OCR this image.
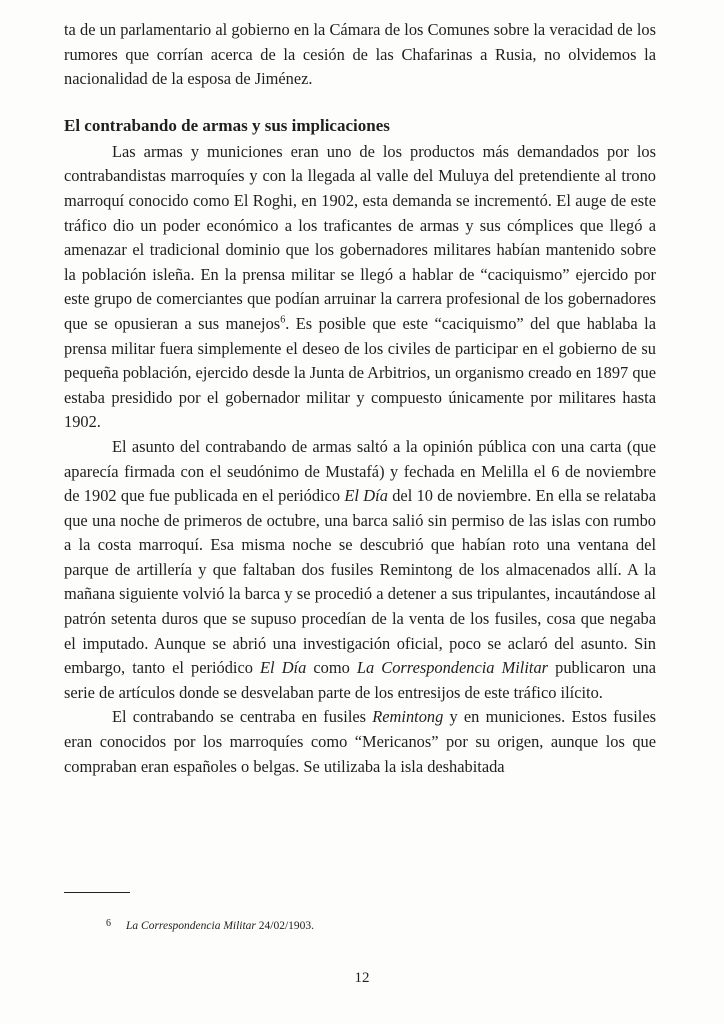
ta de un parlamentario al gobierno en la Cámara de los Comunes sobre la veracidad de los rumores que corrían acerca de la cesión de las Chafarinas a Rusia, no olvidemos la nacionalidad de la esposa de Jiménez.

El contrabando de armas y sus implicaciones

Las armas y municiones eran uno de los productos más demandados por los contrabandistas marroquíes y con la llegada al valle del Muluya del pretendiente al trono marroquí conocido como El Roghi, en 1902, esta demanda se incrementó. El auge de este tráfico dio un poder económico a los traficantes de armas y sus cómplices que llegó a amenazar el tradicional dominio que los gobernadores militares habían mantenido sobre la población isleña. En la prensa militar se llegó a hablar de “caciquismo” ejercido por este grupo de comerciantes que podían arruinar la carrera profesional de los gobernadores que se opusieran a sus manejos$^6$. Es posible que este “caciquismo” del que hablaba la prensa militar fuera simplemente el deseo de los civiles de participar en el gobierno de su pequeña población, ejercido desde la Junta de Arbitrios, un organismo creado en 1897 que estaba presidido por el gobernador militar y compuesto únicamente por militares hasta 1902.

El asunto del contrabando de armas saltó a la opinión pública con una carta (que aparecía firmada con el seudónimo de Mustafá) y fechada en Melilla el 6 de noviembre de 1902 que fue publicada en el periódico El Día del 10 de noviembre. En ella se relataba que una noche de primeros de octubre, una barca salió sin permiso de las islas con rumbo a la costa marroquí. Esa misma noche se descubrió que habían roto una ventana del parque de artillería y que faltaban dos fusiles Remintong de los almacenados allí. A la mañana siguiente volvió la barca y se procedió a detener a sus tripulantes, incautándose al patrón setenta duros que se supuso procedían de la venta de los fusiles, cosa que negaba el imputado. Aunque se abrió una investigación oficial, poco se aclaró del asunto. Sin embargo, tanto el periódico El Día como La Correspondencia Militar publicaron una serie de artículos donde se desvelaban parte de los entresijos de este tráfico ilícito.

El contrabando se centraba en fusiles Remintong y en municiones. Estos fusiles eran conocidos por los marroquíes como “Mericanos” por su origen, aunque los que compraban eran españoles o belgas. Se utilizaba la isla deshabitada

6 La Correspondencia Militar 24/02/1903.
12
